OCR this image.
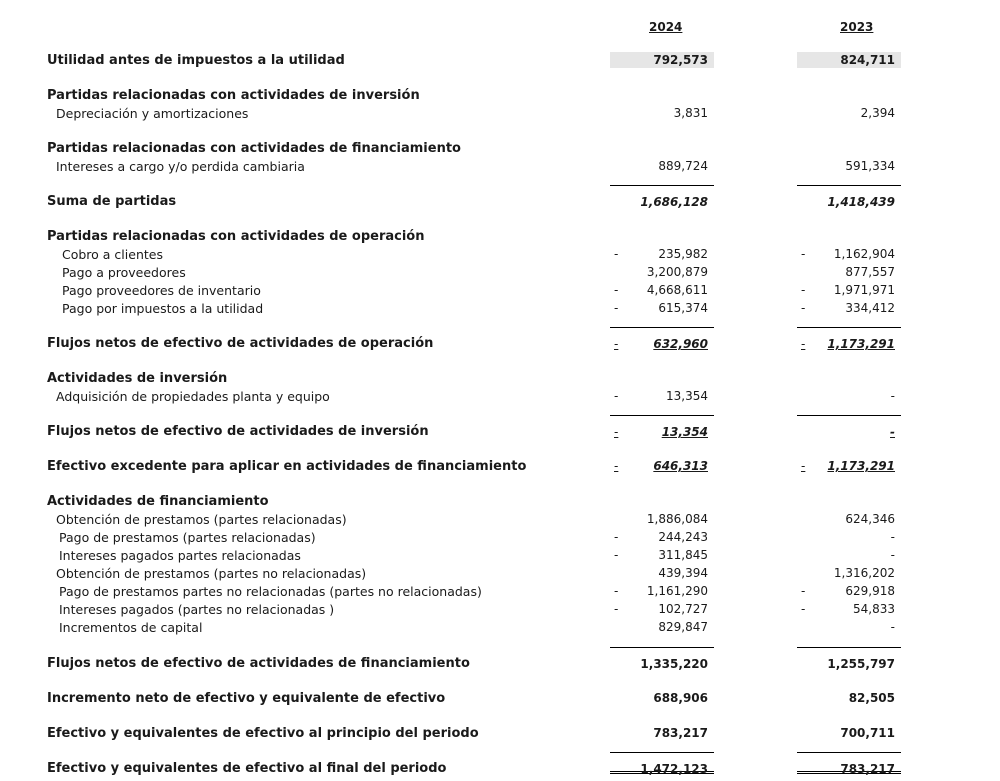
2024	2023
Utilidad antes de impuestos a la utilidad	792,573	824,711
Partidas relacionadas con actividades de inversión
Depreciación y amortizaciones	3,831	2,394
Partidas relacionadas con actividades de financiamiento
Intereses a cargo y/o perdida cambiaria	889,724	591,334
Suma de partidas	1,686,128	1,418,439
Partidas relacionadas con actividades de operación
Cobro a clientes	-	235,982	- 1,162,904
Pago a proveedores	3,200,879	877,557
Pago proveedores de inventario	- 4,668,611	- 1,971,971
Pago por impuestos a la utilidad	-	615,374	-	334,412
Flujos netos de efectivo de actividades de operación	-	632,960	- 1,173,291
Actividades de inversión
Adquisición de propiedades planta y equipo	-	13,354	-
Flujos netos de efectivo de actividades de inversión	-	13,354	-
Efectivo excedente para aplicar en actividades de financiamiento	-	646,313	- 1,173,291
Actividades de financiamiento
Obtención de prestamos (partes relacionadas)	1,886,084	624,346
Pago de prestamos (partes relacionadas)	-	244,243	-
Intereses pagados partes relacionadas	-	311,845	-
Obtención de prestamos (partes no relacionadas)	439,394	1,316,202
Pago de prestamos partes no relacionadas (partes no relacionadas)	- 1,161,290	-	629,918
Intereses pagados (partes no relacionadas )	-	102,727	-	54,833
Incrementos de capital	829,847	-
Flujos netos de efectivo de actividades de financiamiento	1,335,220	1,255,797
Incremento neto de efectivo y equivalente de efectivo	688,906	82,505
Efectivo y equivalentes de efectivo al principio del periodo	783,217	700,711
Efectivo y equivalentes de efectivo al final del periodo	1,472,123	783,217
